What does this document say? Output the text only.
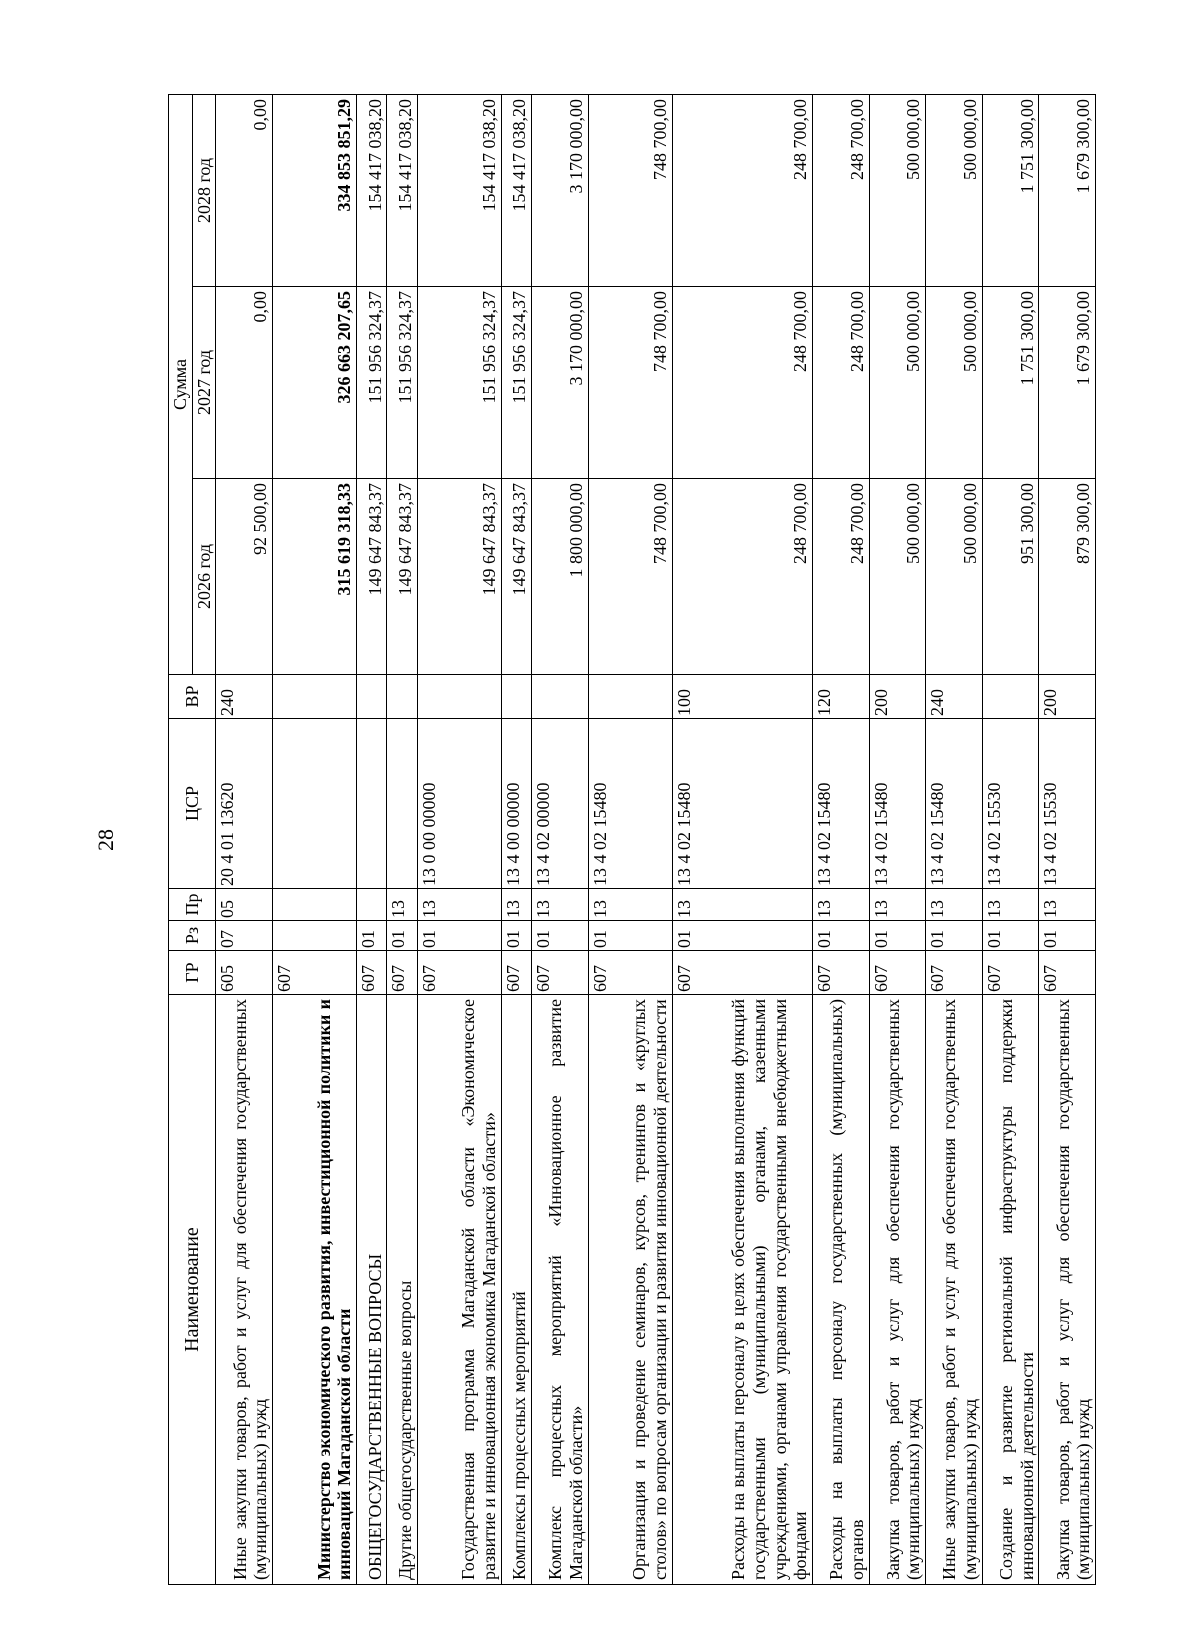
28
Наименование	ГР	Рз	Пр	ЦСР	ВР	Сумма		
						2026 год	2027 год	2028 год
Иные закупки товаров, работ и услуг для обеспечения государственных (муниципальных) нужд	605	07	05	20 4 01 13620	240	92 500,00	0,00	0,00
Министерство экономического развития, инвестиционной политики и инноваций Магаданской области	607					315 619 318,33	326 663 207,65	334 853 851,29
ОБЩЕГОСУДАРСТВЕННЫЕ ВОПРОСЫ	607	01				149 647 843,37	151 956 324,37	154 417 038,20
Другие общегосударственные вопросы	607	01	13			149 647 843,37	151 956 324,37	154 417 038,20
Государственная программа Магаданской области «Экономическое развитие и инновационная экономика Магаданской области»	607	01	13	13 0 00 00000		149 647 843,37	151 956 324,37	154 417 038,20
Комплексы процессных мероприятий	607	01	13	13 4 00 00000		149 647 843,37	151 956 324,37	154 417 038,20
Комплекс процессных мероприятий «Инновационное развитие Магаданской области»	607	01	13	13 4 02 00000		1 800 000,00	3 170 000,00	3 170 000,00
Организация и проведение семинаров, курсов, тренингов и «круглых столов» по вопросам организации и развития инновационной деятельности	607	01	13	13 4 02 15480		748 700,00	748 700,00	748 700,00
Расходы на выплаты персоналу в целях обеспечения выполнения функций государственными (муниципальными) органами, казенными учреждениями, органами управления государственными внебюджетными фондами	607	01	13	13 4 02 15480	100	248 700,00	248 700,00	248 700,00
Расходы на выплаты персоналу государственных (муниципальных) органов	607	01	13	13 4 02 15480	120	248 700,00	248 700,00	248 700,00
Закупка товаров, работ и услуг для обеспечения государственных (муниципальных) нужд	607	01	13	13 4 02 15480	200	500 000,00	500 000,00	500 000,00
Иные закупки товаров, работ и услуг для обеспечения государственных (муниципальных) нужд	607	01	13	13 4 02 15480	240	500 000,00	500 000,00	500 000,00
Создание и развитие региональной инфраструктуры поддержки инновационной деятельности	607	01	13	13 4 02 15530		951 300,00	1 751 300,00	1 751 300,00
Закупка товаров, работ и услуг для обеспечения государственных (муниципальных) нужд	607	01	13	13 4 02 15530	200	879 300,00	1 679 300,00	1 679 300,00
